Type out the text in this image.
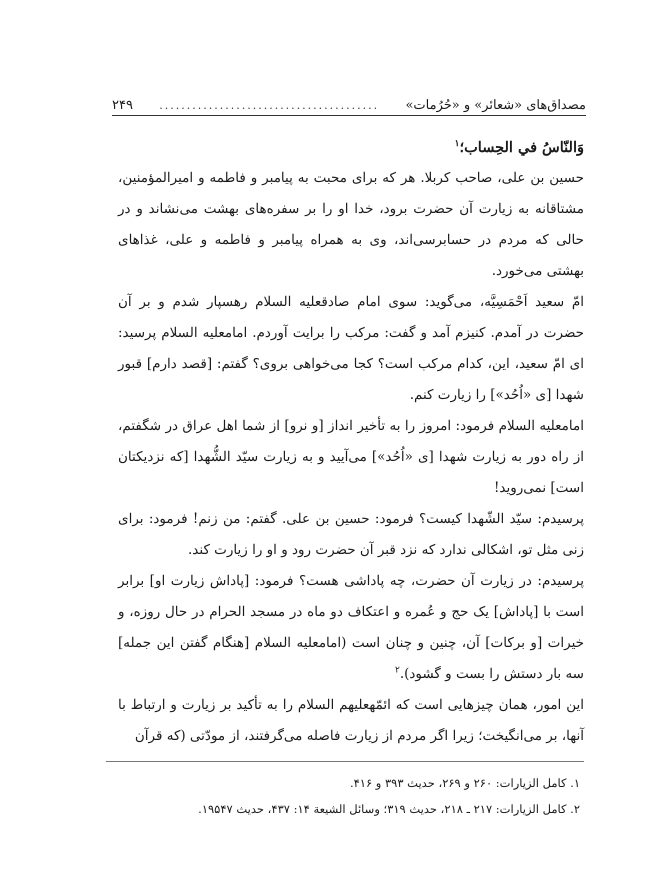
مصداق‌های «شعائر» و «حُرُمات»
........................................
۲۴۹

وَالنّاسُ في الحِساب؛$^۱$

حسین بن علی، صاحب کربلا. هر که برای محبت به پیامبر و فاطمه و امیرالمؤمنین، مشتاقانه به زیارت آن حضرت برود، خدا او را بر سفره‌های بهشت می‌نشاند و در حالی که مردم در حسابرسی‌اند، وی به همراه پیامبر و فاطمه و علی، غذاهای بهشتی می‌خورد.

امّ سعید اَحْمَسِیَّه، می‌گوید: سوی امام صادقعليه السلام رهسپار شدم و بر آن حضرت در آمدم. کنیزم آمد و گفت: مرکب را برایت آوردم. امامعليه السلام پرسید: ای امّ سعید، این، کدام مرکب است؟ کجا می‌خواهی بروی؟ گفتم: [قصد دارم] قبور شهدا [ی «اُحُد»] را زیارت کنم.

امامعليه السلام فرمود: امروز را به تأخیر انداز [و نرو] از شما اهل عراق در شگفتم، از راه دور به زیارت شهدا [ی «اُحُد»] می‌آیید و به زیارت سیّد الشُّهدا [که نزدیکتان است] نمی‌روید!

پرسیدم: سیّد الشّهدا کیست؟ فرمود: حسین بن علی. گفتم: من زنم! فرمود: برای زنی مثل تو، اشکالی ندارد که نزد قبر آن حضرت رود و او را زیارت کند.

پرسیدم: در زیارت آن حضرت، چه پاداشی هست؟ فرمود: [پاداش زیارت او] برابر است با [پاداش] یک حج و عُمره و اعتکاف دو ماه در مسجد الحرام در حال روزه، و خیرات [و برکات] آن، چنین و چنان است (امامعليه السلام [هنگام گفتن این جمله] سه بار دستش را بست و گشود).$^۲$

این امور، همان چیزهایی است که ائمّهعليهم السلام را به تأکید بر زیارت و ارتباط با آنها، بر می‌انگیخت؛ زیرا اگر مردم از زیارت فاصله می‌گرفتند، از مودّتی (که قرآن

۱. کامل الزیارات: ۲۶۰ و ۲۶۹، حدیث ۳۹۳ و ۴۱۶.
۲. کامل الزیارات: ۲۱۷ ـ ۲۱۸، حدیث ۳۱۹؛ وسائل الشیعة ۱۴: ۴۳۷، حدیث ۱۹۵۴۷.
